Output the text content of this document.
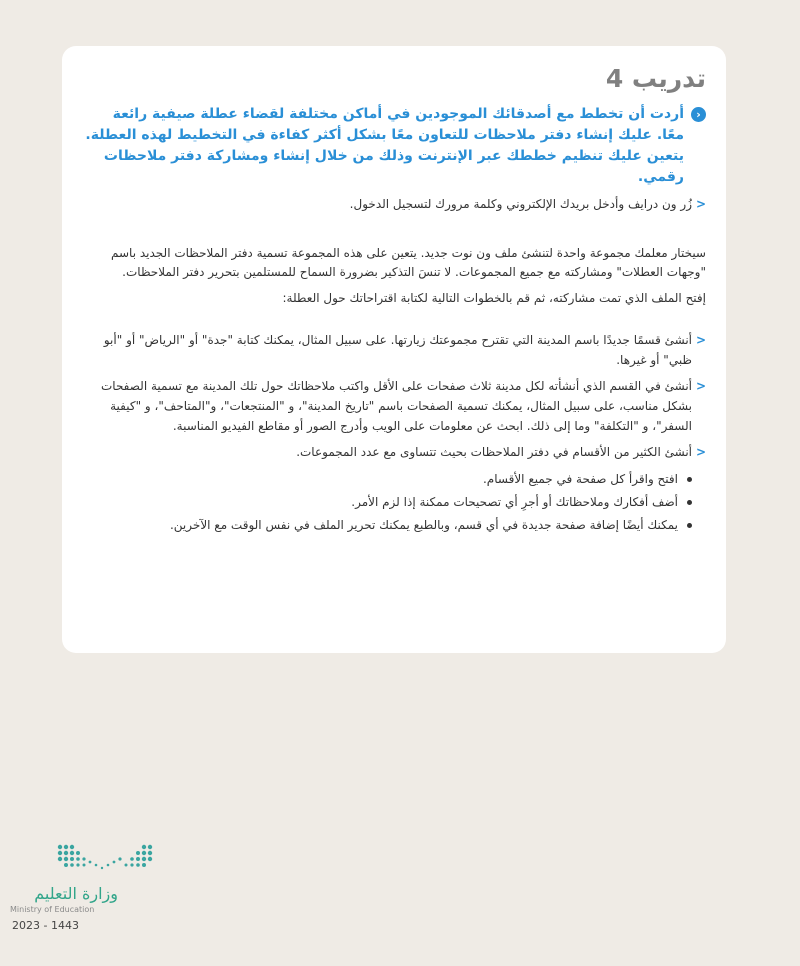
تدريب 4

‹
أردت أن تخطط مع أصدقائك الموجودين في أماكن مختلفة لقضاء عطلة صيفية رائعة معًا. عليك إنشاء دفتر ملاحظات للتعاون معًا بشكل أكثر كفاءة في التخطيط لهذه العطلة. يتعين عليك تنظيم خططك عبر الإنترنت وذلك من خلال إنشاء ومشاركة دفتر ملاحظات رقمي.

<
زُر ون درايف وأدخل بريدك الإلكتروني وكلمة مرورك لتسجيل الدخول.

سيختار معلمك مجموعة واحدة لتنشئ ملف ون نوت جديد. يتعين على هذه المجموعة تسمية دفتر الملاحظات الجديد باسم "وجهات العطلات" ومشاركته مع جميع المجموعات. لا تنسَ التذكير بضرورة السماح للمستلمين بتحرير دفتر الملاحظات.

إفتح الملف الذي تمت مشاركته، ثم قم بالخطوات التالية لكتابة اقتراحاتك حول العطلة:

<
أنشئ قسمًا جديدًا باسم المدينة التي تقترح مجموعتك زيارتها. على سبيل المثال، يمكنك كتابة "جدة" أو "الرياض" أو "أبو ظبي" أو غيرها.

<
أنشئ في القسم الذي أنشأته لكل مدينة ثلاث صفحات على الأقل واكتب ملاحظاتك حول تلك المدينة مع تسمية الصفحات بشكل مناسب، على سبيل المثال، يمكنك تسمية الصفحات باسم "تاريخ المدينة"، و "المنتجعات"، و"المتاحف"، و "كيفية السفر"، و "التكلفة" وما إلى ذلك. ابحث عن معلومات على الويب وأدرج الصور أو مقاطع الفيديو المناسبة.

<
أنشئ الكثير من الأقسام في دفتر الملاحظات بحيث تتساوى مع عدد المجموعات.

افتح واقرأ كل صفحة في جميع الأقسام.

أضف أفكارك وملاحظاتك أو أجرِ أي تصحيحات ممكنة إذا لزم الأمر.

يمكنك أيضًا إضافة صفحة جديدة في أي قسم، وبالطبع يمكنك تحرير الملف في نفس الوقت مع الآخرين.

وزارة التعليم
Ministry of Education
2023 - 1443
